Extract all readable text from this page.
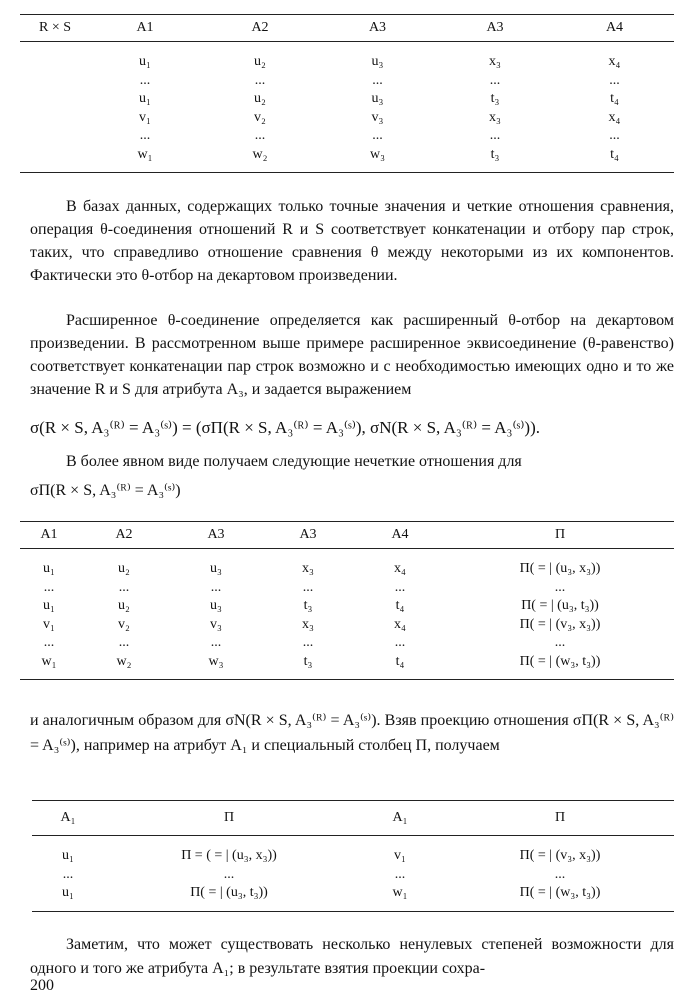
R × S	A1	A2	A3	A3	A4
	u₁	u₂	u₃	x₃	x₄
	...	...	...	...	...
	u₁	u₂	u₃	t₃	t₄
	v₁	v₂	v₃	x₃	x₄
	...	...	...	...	...
	w₁	w₂	w₃	t₃	t₄

В базах данных, содержащих только точные значения и четкие отношения сравнения, операция θ-соединения отношений R и S соответствует конкатенации и отбору пар строк, таких, что справедливо отношение сравнения θ между некоторыми из их компонентов. Фактически это θ-отбор на декартовом произведении.

Расширенное θ-соединение определяется как расширенный θ-отбор на декартовом произведении. В рассмотренном выше примере расширенное эквисоединение (θ-равенство) соответствует конкатенации пар строк возможно и с необходимостью имеющих одно и то же значение R и S для атрибута A₃, и задается выражением

σ(R × S, A₃⁽ᴿ⁾ = A₃⁽ˢ⁾) = (σΠ(R × S, A₃⁽ᴿ⁾ = A₃⁽ˢ⁾), σN(R × S, A₃⁽ᴿ⁾ = A₃⁽ˢ⁾)).
В более явном виде получаем следующие нечеткие отношения для
σΠ(R × S, A₃⁽ᴿ⁾ = A₃⁽ˢ⁾)
A1	A2	A3	A3	A4	Π
u₁	u₂	u₃	x₃	x₄	Π( = | (u₃, x₃))
...	...	...	...	...	...
u₁	u₂	u₃	t₃	t₄	Π( = | (u₃, t₃))
v₁	v₂	v₃	x₃	x₄	Π( = | (v₃, x₃))
...	...	...	...	...	...
w₁	w₂	w₃	t₃	t₄	Π( = | (w₃, t₃))

и аналогичным образом для σN(R × S, A₃⁽ᴿ⁾ = A₃⁽ˢ⁾). Взяв проекцию отношения σΠ(R × S, A₃⁽ᴿ⁾ = A₃⁽ˢ⁾), например на атрибут A₁ и специальный столбец Π, получаем

A₁	Π	A₁	Π
u₁	Π = ( = | (u₃, x₃))	v₁	Π( = | (v₃, x₃))
...	...	...	...
u₁	Π( = | (u₃, t₃))	w₁	Π( = | (w₃, t₃))

Заметим, что может существовать несколько ненулевых степеней возможности для одного и того же атрибута A₁; в результате взятия проекции сохра-

200
